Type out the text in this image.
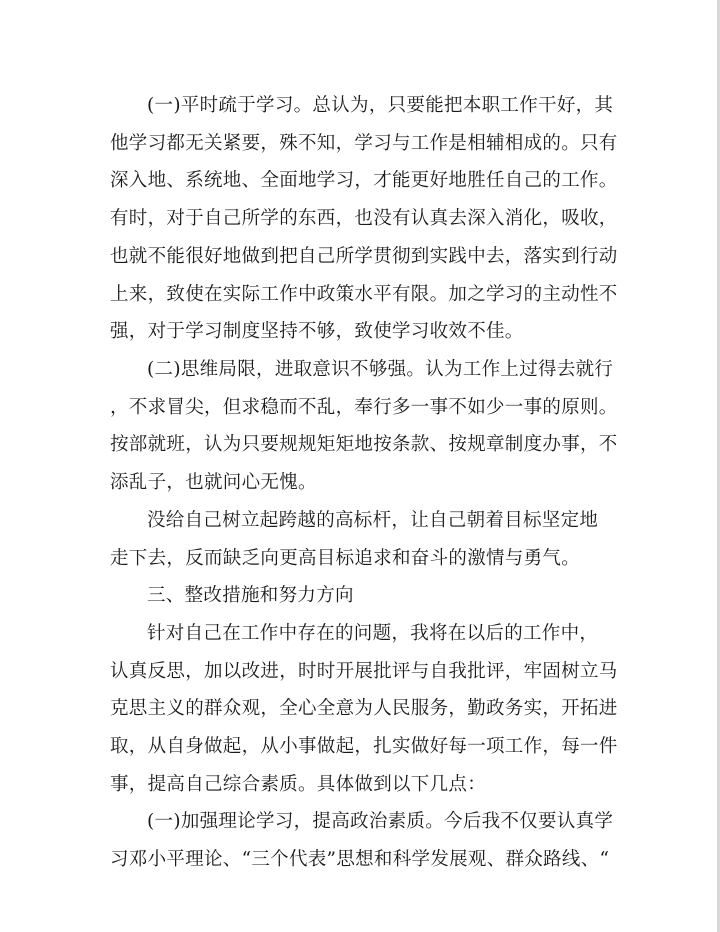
(一)平时疏于学习。总认为，只要能把本职工作干好，其
他学习都无关紧要，殊不知，学习与工作是相辅相成的。只有
深入地、系统地、全面地学习，才能更好地胜任自己的工作。
有时，对于自己所学的东西，也没有认真去深入消化，吸收，
也就不能很好地做到把自己所学贯彻到实践中去，落实到行动
上来，致使在实际工作中政策水平有限。加之学习的主动性不
强，对于学习制度坚持不够，致使学习收效不佳。
(二)思维局限，进取意识不够强。认为工作上过得去就行
，不求冒尖，但求稳而不乱，奉行多一事不如少一事的原则。
按部就班，认为只要规规矩矩地按条款、按规章制度办事，不
添乱子，也就问心无愧。
没给自己树立起跨越的高标杆，让自己朝着目标坚定地
走下去，反而缺乏向更高目标追求和奋斗的激情与勇气。
三、整改措施和努力方向
针对自己在工作中存在的问题，我将在以后的工作中，
认真反思，加以改进，时时开展批评与自我批评，牢固树立马
克思主义的群众观，全心全意为人民服务，勤政务实，开拓进
取，从自身做起，从小事做起，扎实做好每一项工作，每一件
事，提高自己综合素质。具体做到以下几点：
(一)加强理论学习，提高政治素质。今后我不仅要认真学
习邓小平理论、“三个代表”思想和科学发展观、群众路线、“
